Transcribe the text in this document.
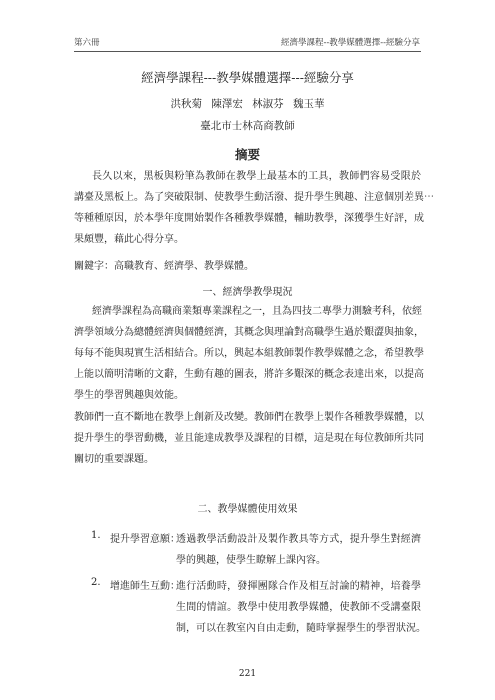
第六冊	經濟學課程--教學媒體選擇--經驗分享
經濟學課程---教學媒體選擇---經驗分享
洪秋菊 陳澤宏 林淑芬 魏玉華
臺北市士林高商教師
摘要
長久以來，黑板與粉筆為教師在教學上最基本的工具，教師們容易受限於
講臺及黑板上。為了突破限制、使教學生動活潑、提升學生興趣、注意個別差異⋯
等種種原因，於本學年度開始製作各種教學媒體，輔助教學，深獲學生好評，成
果頗豐，藉此心得分享。
關鍵字：高職教育、經濟學、教學媒體。
一、經濟學教學現況
經濟學課程為高職商業類專業課程之一，且為四技二專學力測驗考科，依經
濟學領域分為總體經濟與個體經濟，其概念與理論對高職學生過於艱澀與抽象，
每每不能與現實生活相結合。所以，興起本組教師製作教學媒體之念，希望教學
上能以簡明清晰的文辭，生動有趣的圖表，將許多艱深的概念表達出來，以提高
學生的學習興趣與效能。
教師們一直不斷地在教學上創新及改變。教師們在教學上製作各種教學媒體，以
提升學生的學習動機，並且能達成教學及課程的目標，這是現在每位教師所共同
關切的重要課題。
二、教學媒體使用效果
1. 提升學習意願：
透過教學活動設計及製作教具等方式，提升學生對經濟
學的興趣，使學生瞭解上課內容。
2. 增進師生互動：
進行活動時，發揮團隊合作及相互討論的精神，培養學
生間的情誼。教學中使用教學媒體，使教師不受講臺限
制，可以在教室內自由走動，隨時掌握學生的學習狀況。
221
